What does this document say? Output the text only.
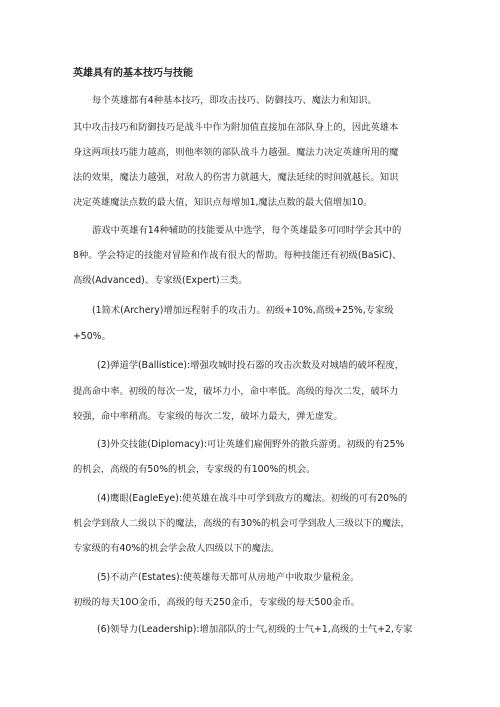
英雄具有的基本技巧与技能
每个英雄都有4种基本技巧，即攻击技巧、防御技巧、魔法力和知识。
其中攻击技巧和防御技巧是战斗中作为附加值直接加在部队身上的，因此英雄本
身这两项技巧能力越高，则他率领的部队战斗力越强。魔法力决定英雄所用的魔
法的效果，魔法力越强，对敌人的伤害力就越大，魔法延续的时间就越长。知识
决定英雄魔法点数的最大值，知识点每增加1,魔法点数的最大值增加10。
游戏中英雄有14种辅助的技能要从中选学，每个英雄最多可同时学会其中的
8种。学会特定的技能对冒险和作战有很大的帮助。每种技能还有初级(BaSiC)、
高级(Advanced)、专家级(Expert)三类。
(1简术(Archery)增加远程射手的攻击力。初级+10%,高级+25%,专家级
+50%。
(2)弹道学(Ballistice):增强攻城时投石器的攻击次数及对城墙的破坏程度，
提高命中率。初级的每次一发，破坏力小，命中率低。高级的每次二发，破坏力
较强，命中率稍高。专家级的每次二发，破坏力最大，弹无虚发。
(3)外交技能(Diplomacy):可让英雄们雇佣野外的散兵游勇。初级的有25%
的机会，高级的有50%的机会，专家级的有100%的机会。
(4)鹰眼(EagleEye):使英雄在战斗中可学到敌方的魔法。初级的可有20%的
机会学到敌人二级以下的魔法，高级的有30%的机会可学到敌人三级以下的魔法，
专家级的有40%的机会学会敌人四级以下的魔法。
(5)不动产(Estates):使英雄每天都可从房地产中收取少量税金。
初级的每天10O金币，高级的每天250金币，专家级的每天500金币。
(6)领导力(Leadership):增加部队的士气,初级的士气+1,高级的士气+2,专家
